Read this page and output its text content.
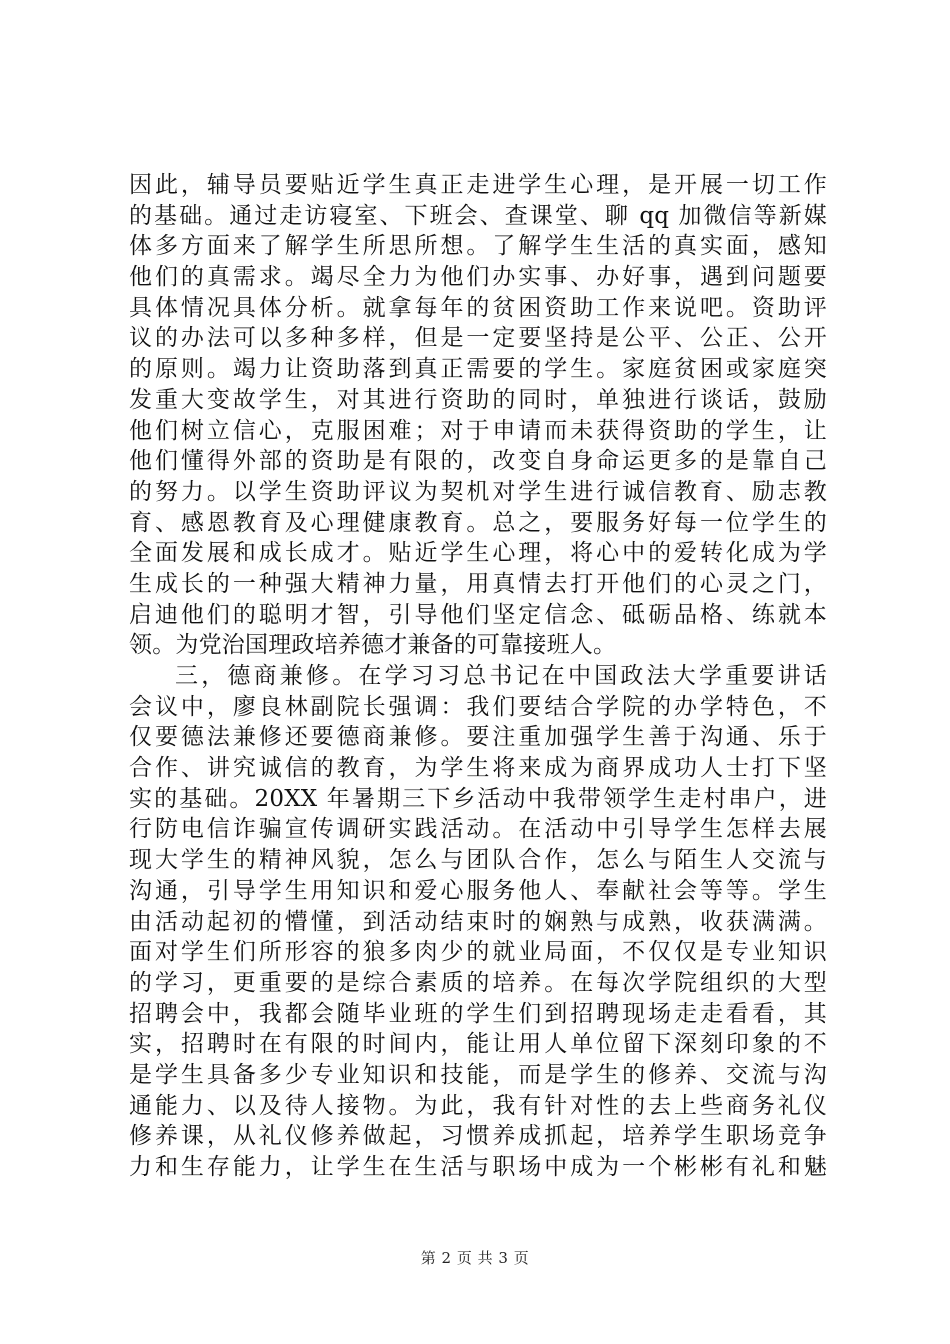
因此，辅导员要贴近学生真正走进学生心理，是开展一切工作
的基础。通过走访寝室、下班会、查课堂、聊 qq 加微信等新媒
体多方面来了解学生所思所想。了解学生生活的真实面，感知
他们的真需求。竭尽全力为他们办实事、办好事，遇到问题要
具体情况具体分析。就拿每年的贫困资助工作来说吧。资助评
议的办法可以多种多样，但是一定要坚持是公平、公正、公开
的原则。竭力让资助落到真正需要的学生。家庭贫困或家庭突
发重大变故学生，对其进行资助的同时，单独进行谈话，鼓励
他们树立信心，克服困难；对于申请而未获得资助的学生，让
他们懂得外部的资助是有限的，改变自身命运更多的是靠自己
的努力。以学生资助评议为契机对学生进行诚信教育、励志教
育、感恩教育及心理健康教育。总之，要服务好每一位学生的
全面发展和成长成才。贴近学生心理，将心中的爱转化成为学
生成长的一种强大精神力量，用真情去打开他们的心灵之门，
启迪他们的聪明才智，引导他们坚定信念、砥砺品格、练就本
领。为党治国理政培养德才兼备的可靠接班人。
三，德商兼修。在学习习总书记在中国政法大学重要讲话
会议中，廖良林副院长强调：我们要结合学院的办学特色，不
仅要德法兼修还要德商兼修。要注重加强学生善于沟通、乐于
合作、讲究诚信的教育，为学生将来成为商界成功人士打下坚
实的基础。20XX 年暑期三下乡活动中我带领学生走村串户，进
行防电信诈骗宣传调研实践活动。在活动中引导学生怎样去展
现大学生的精神风貌，怎么与团队合作，怎么与陌生人交流与
沟通，引导学生用知识和爱心服务他人、奉献社会等等。学生
由活动起初的懵懂，到活动结束时的娴熟与成熟，收获满满。
面对学生们所形容的狼多肉少的就业局面，不仅仅是专业知识
的学习，更重要的是综合素质的培养。在每次学院组织的大型
招聘会中，我都会随毕业班的学生们到招聘现场走走看看，其
实，招聘时在有限的时间内，能让用人单位留下深刻印象的不
是学生具备多少专业知识和技能，而是学生的修养、交流与沟
通能力、以及待人接物。为此，我有针对性的去上些商务礼仪
修养课，从礼仪修养做起，习惯养成抓起，培养学生职场竞争
力和生存能力，让学生在生活与职场中成为一个彬彬有礼和魅
第 2 页 共 3 页
